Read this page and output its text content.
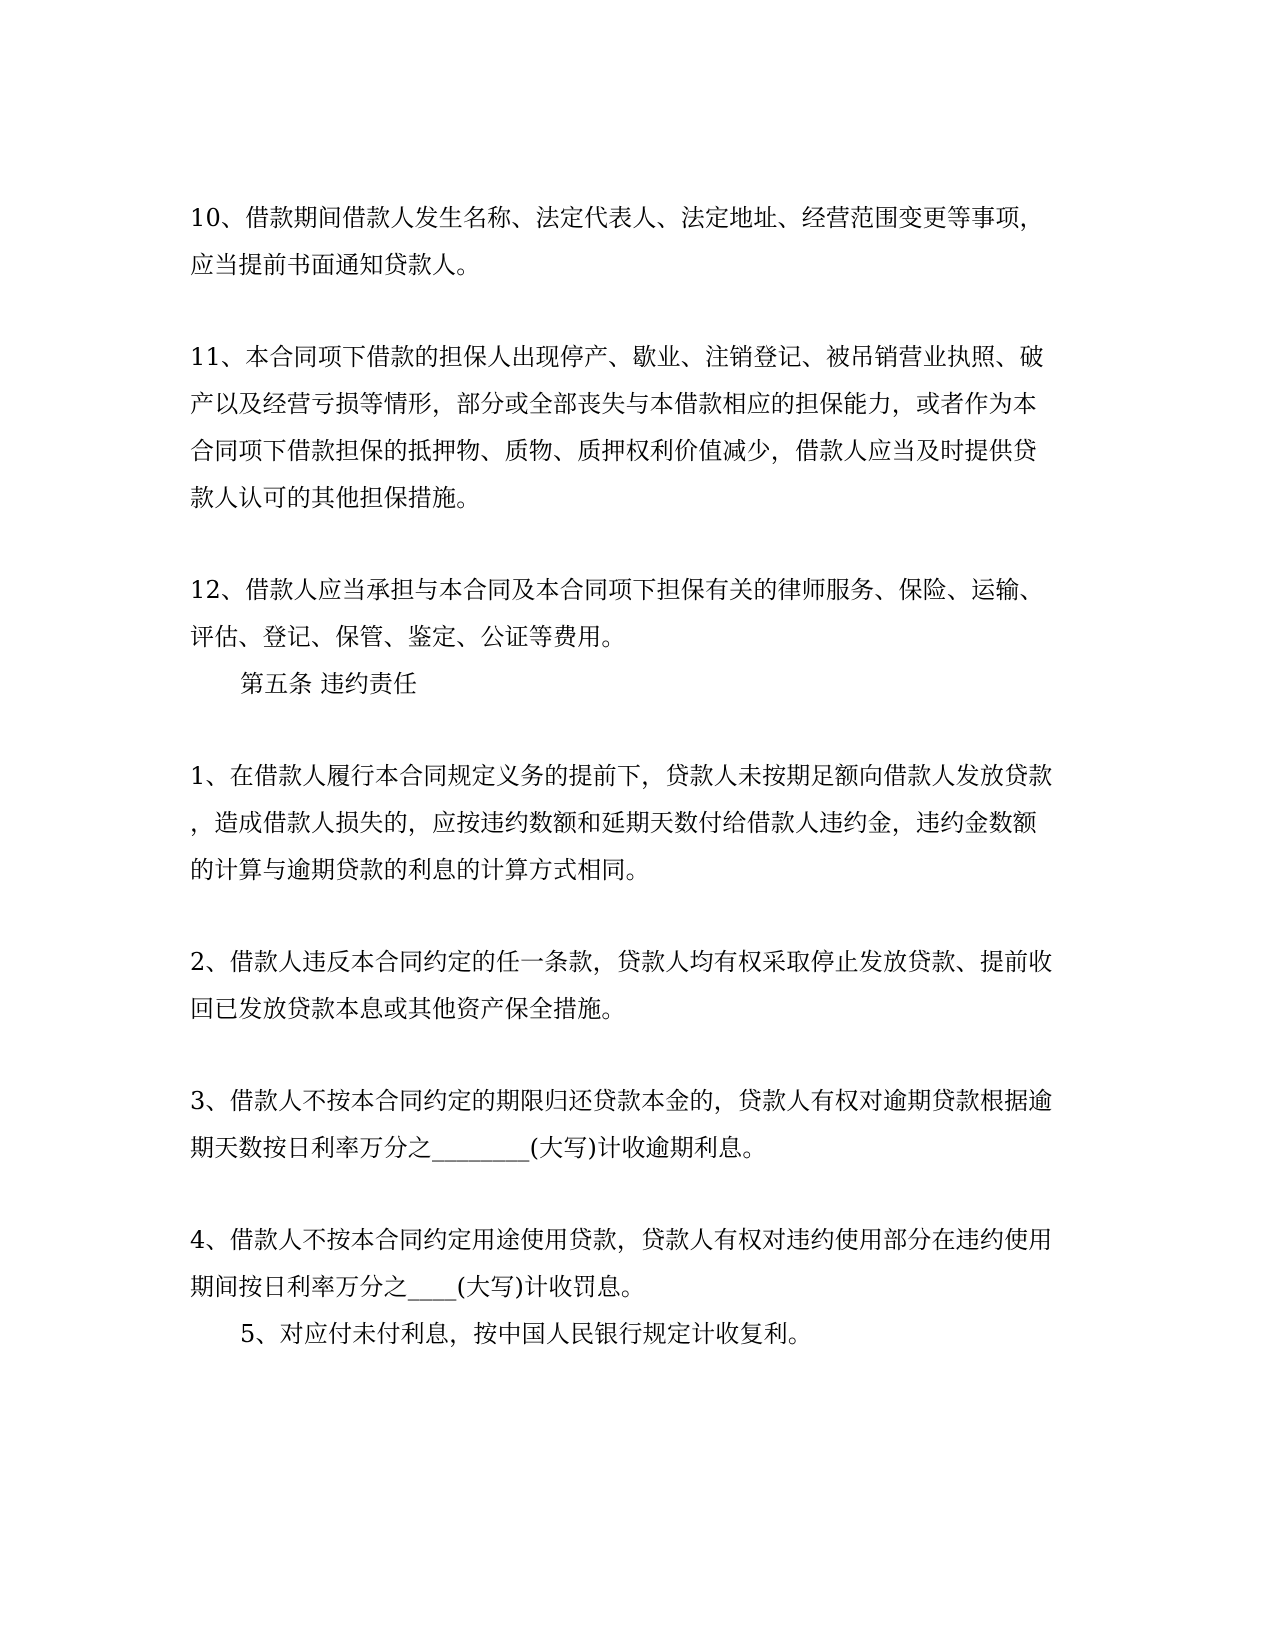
10、借款期间借款人发生名称、法定代表人、法定地址、经营范围变更等事项，
应当提前书面通知贷款人。
11、本合同项下借款的担保人出现停产、歇业、注销登记、被吊销营业执照、破
产以及经营亏损等情形，部分或全部丧失与本借款相应的担保能力，或者作为本
合同项下借款担保的抵押物、质物、质押权利价值减少，借款人应当及时提供贷
款人认可的其他担保措施。
12、借款人应当承担与本合同及本合同项下担保有关的律师服务、保险、运输、
评估、登记、保管、鉴定、公证等费用。
第五条 违约责任
1、在借款人履行本合同规定义务的提前下，贷款人未按期足额向借款人发放贷款
，造成借款人损失的，应按违约数额和延期天数付给借款人违约金，违约金数额
的计算与逾期贷款的利息的计算方式相同。
2、借款人违反本合同约定的任一条款，贷款人均有权采取停止发放贷款、提前收
回已发放贷款本息或其他资产保全措施。
3、借款人不按本合同约定的期限归还贷款本金的，贷款人有权对逾期贷款根据逾
期天数按日利率万分之________(大写)计收逾期利息。
4、借款人不按本合同约定用途使用贷款，贷款人有权对违约使用部分在违约使用
期间按日利率万分之____(大写)计收罚息。
5、对应付未付利息，按中国人民银行规定计收复利。
